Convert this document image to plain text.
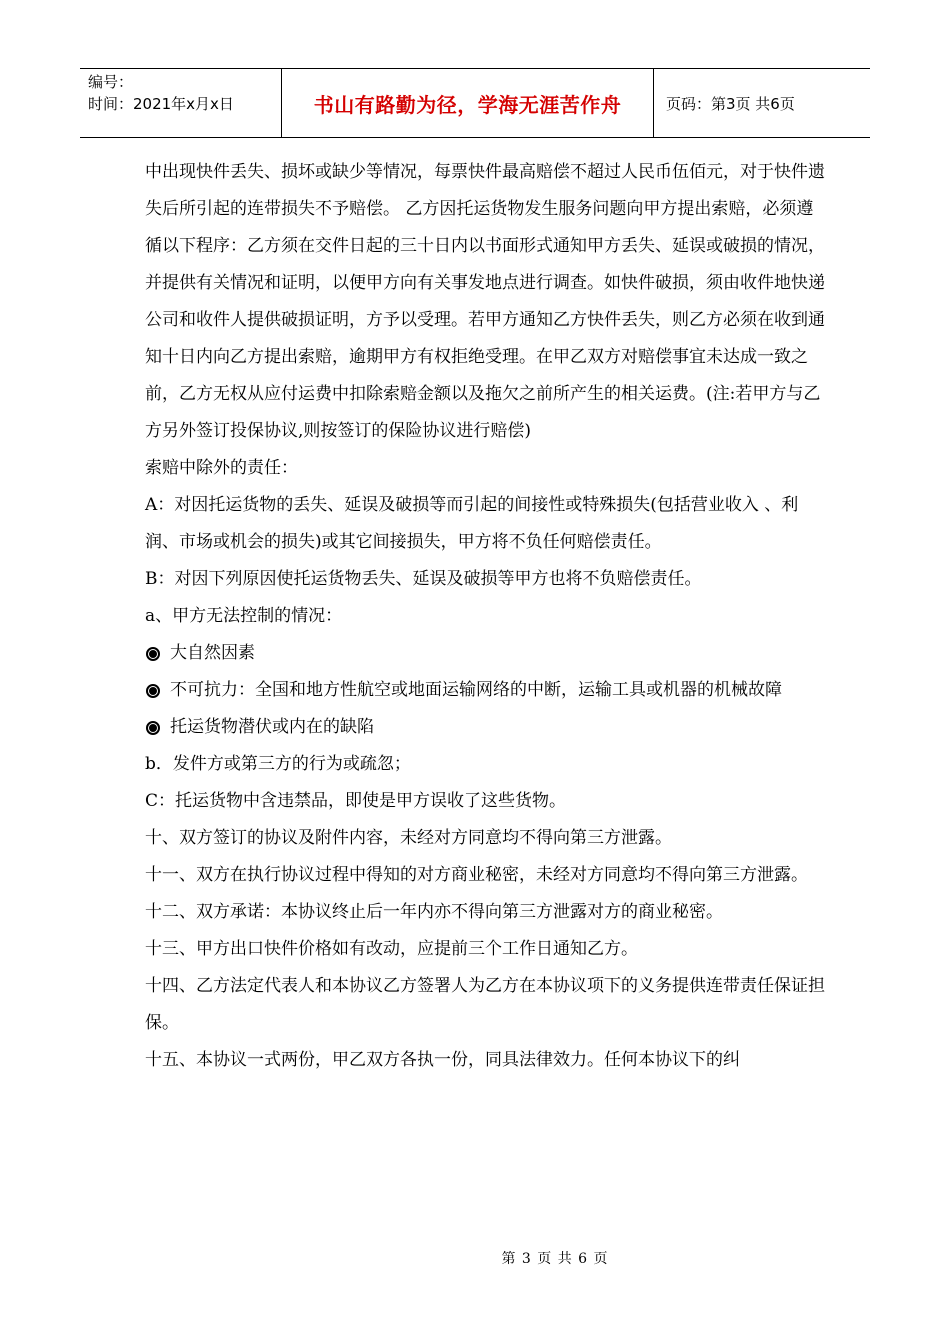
编号：
时间：2021年x月x日	书山有路勤为径，学海无涯苦作舟	页码：第3页 共6页

中出现快件丢失、损坏或缺少等情况，每票快件最高赔偿不超过人民币伍佰元，对于快件遗失后所引起的连带损失不予赔偿。 乙方因托运货物发生服务问题向甲方提出索赔，必须遵循以下程序：乙方须在交件日起的三十日内以书面形式通知甲方丢失、延误或破损的情况，并提供有关情况和证明，以便甲方向有关事发地点进行调查。如快件破损，须由收件地快递公司和收件人提供破损证明，方予以受理。若甲方通知乙方快件丢失，则乙方必须在收到通知十日内向乙方提出索赔，逾期甲方有权拒绝受理。在甲乙双方对赔偿事宜未达成一致之前，乙方无权从应付运费中扣除索赔金额以及拖欠之前所产生的相关运费。(注:若甲方与乙方另外签订投保协议,则按签订的保险协议进行赔偿)

索赔中除外的责任：

A：对因托运货物的丢失、延误及破损等而引起的间接性或特殊损失(包括营业收入 、利润、市场或机会的损失)或其它间接损失，甲方将不负任何赔偿责任。

B：对因下列原因使托运货物丢失、延误及破损等甲方也将不负赔偿责任。

a、甲方无法控制的情况：

大自然因素
不可抗力：全国和地方性航空或地面运输网络的中断，运输工具或机器的机械故障
托运货物潜伏或内在的缺陷

b．发件方或第三方的行为或疏忽；

C：托运货物中含违禁品，即使是甲方误收了这些货物。

十、双方签订的协议及附件内容，未经对方同意均不得向第三方泄露。

十一、双方在执行协议过程中得知的对方商业秘密，未经对方同意均不得向第三方泄露。

十二、双方承诺：本协议终止后一年内亦不得向第三方泄露对方的商业秘密。

十三、甲方出口快件价格如有改动，应提前三个工作日通知乙方。

十四、乙方法定代表人和本协议乙方签署人为乙方在本协议项下的义务提供连带责任保证担保。

十五、本协议一式两份，甲乙双方各执一份，同具法律效力。任何本协议下的纠

第 3 页 共 6 页
